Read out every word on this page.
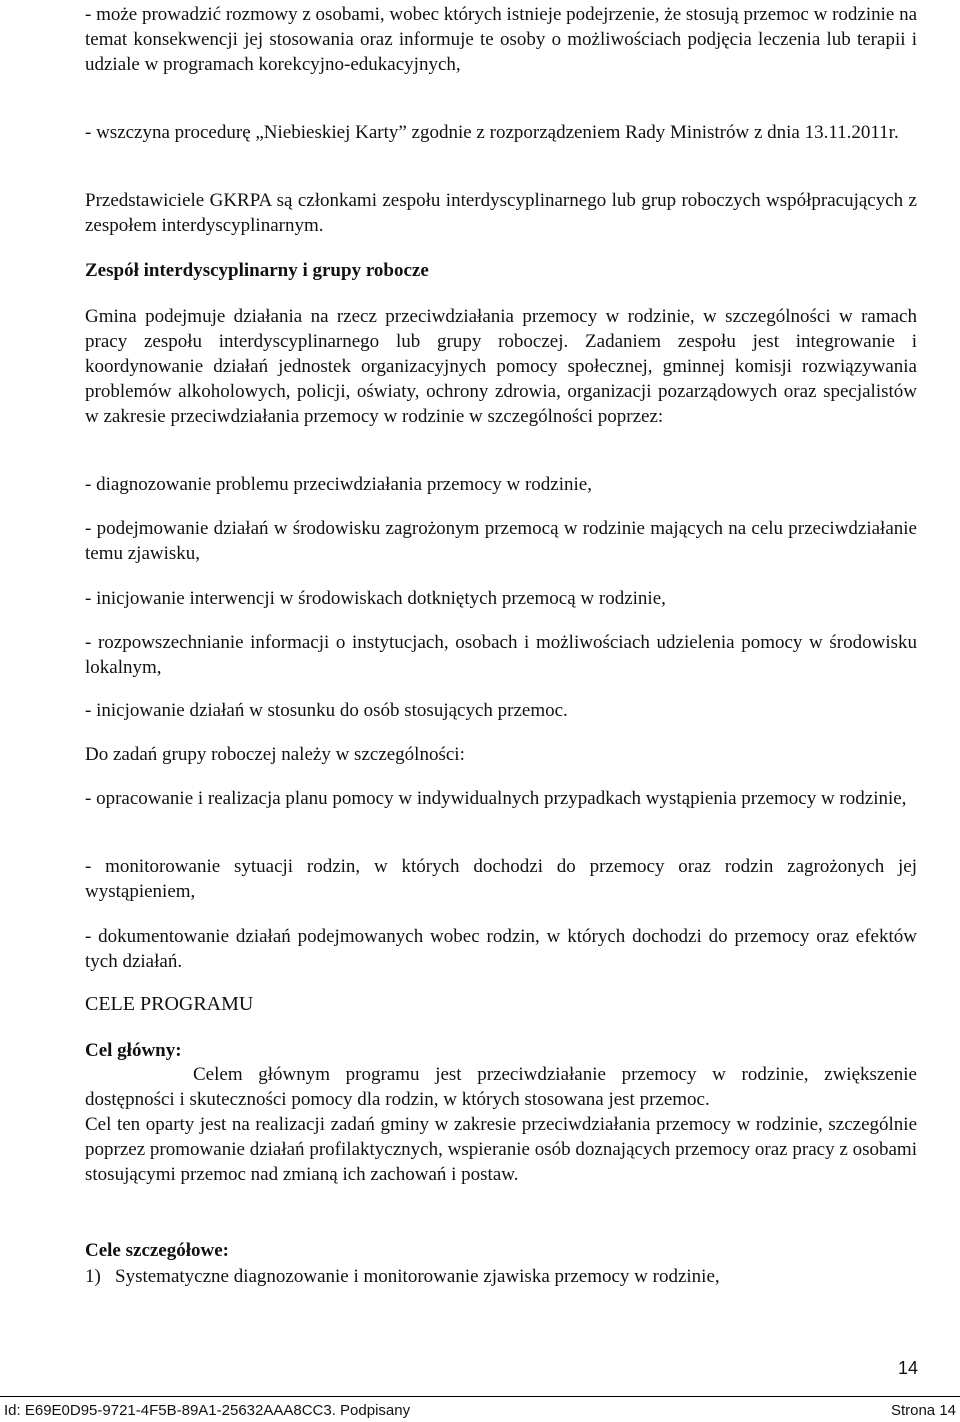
- może prowadzić rozmowy z osobami, wobec których istnieje podejrzenie, że stosują przemoc w rodzinie na temat konsekwencji jej stosowania oraz informuje te osoby o możliwościach podjęcia leczenia lub terapii i udziale w programach korekcyjno-edukacyjnych,

- wszczyna procedurę „Niebieskiej Karty” zgodnie z rozporządzeniem Rady Ministrów z dnia 13.11.2011r.

Przedstawiciele GKRPA są członkami zespołu interdyscyplinarnego lub grup roboczych współpracujących z zespołem interdyscyplinarnym.

Zespół interdyscyplinarny i grupy robocze

Gmina podejmuje działania na rzecz przeciwdziałania przemocy w rodzinie, w szczególności w ramach pracy zespołu interdyscyplinarnego lub grupy roboczej. Zadaniem zespołu jest integrowanie i koordynowanie działań jednostek organizacyjnych pomocy społecznej, gminnej komisji rozwiązywania problemów alkoholowych, policji, oświaty, ochrony zdrowia, organizacji pozarządowych oraz specjalistów w zakresie przeciwdziałania przemocy w rodzinie w szczególności poprzez:

- diagnozowanie problemu przeciwdziałania przemocy w rodzinie,

- podejmowanie działań w środowisku zagrożonym przemocą w rodzinie mających na celu przeciwdziałanie temu zjawisku,

- inicjowanie interwencji w środowiskach dotkniętych przemocą w rodzinie,

- rozpowszechnianie informacji o instytucjach, osobach i możliwościach udzielenia pomocy w środowisku lokalnym,

- inicjowanie działań w stosunku do osób stosujących przemoc.

Do zadań grupy roboczej należy w szczególności:

- opracowanie i realizacja planu pomocy w indywidualnych przypadkach wystąpienia przemocy w rodzinie,

- monitorowanie sytuacji rodzin, w których dochodzi do przemocy oraz rodzin zagrożonych jej wystąpieniem,

- dokumentowanie działań podejmowanych wobec rodzin, w których dochodzi do przemocy oraz efektów tych działań.

CELE PROGRAMU

Cel główny:

Celem głównym programu jest przeciwdziałanie przemocy w rodzinie, zwiększenie dostępności i skuteczności pomocy dla rodzin, w których stosowana jest przemoc.

Cel ten oparty jest na realizacji zadań gminy w zakresie przeciwdziałania przemocy w rodzinie, szczególnie poprzez promowanie działań profilaktycznych, wspieranie osób doznających przemocy oraz pracy z osobami stosującymi przemoc nad zmianą ich zachowań i postaw.

Cele szczegółowe:

1) Systematyczne diagnozowanie i monitorowanie zjawiska przemocy w rodzinie,
14
Id: E69E0D95-9721-4F5B-89A1-25632AAA8CC3. Podpisany	Strona 14
